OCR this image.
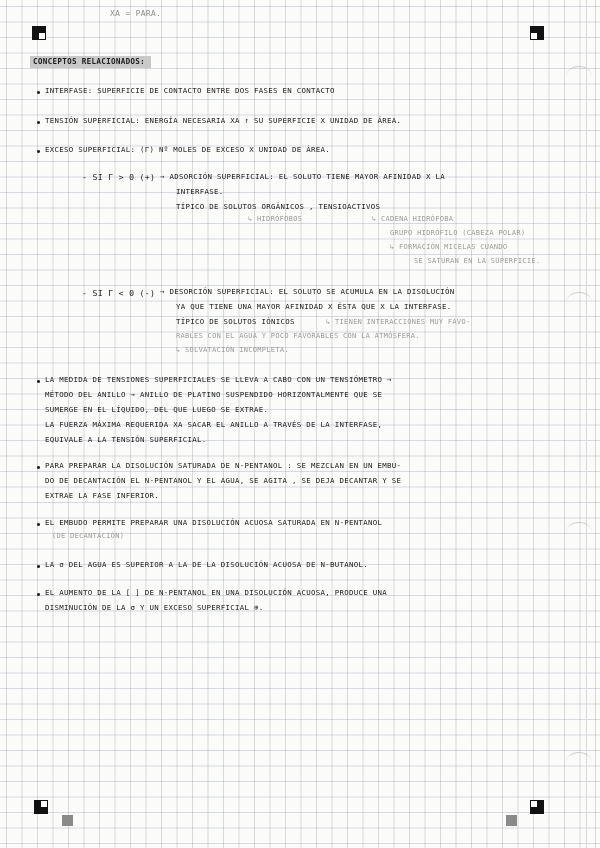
XA = PARA.
CONCEPTOS RELACIONADOS:
INTERFASE: SUPERFICIE DE CONTACTO ENTRE DOS FASES EN CONTACTO
TENSIÓN SUPERFICIAL: ENERGÍA NECESARIA XA ↑ SU SUPERFICIE X UNIDAD DE ÁREA.
EXCESO SUPERFICIAL: (Γ) Nº MOLES DE EXCESO X UNIDAD DE ÁREA.
- SI Γ > 0 (+) → ADSORCIÓN SUPERFICIAL: EL SOLUTO TIENE MAYOR AFINIDAD X LA
INTERFASE.
TÍPICO DE SOLUTOS ORGÁNICOS , TENSIOACTIVOS
↳ HIDRÓFOBOS	↳ CADENA HIDRÓFOBA
GRUPO HIDRÓFILO (CABEZA POLAR)
↳ FORMACIÓN MICELAS CUANDO
SE SATURAN EN LA SUPERFICIE.
- SI Γ < 0 (-) → DESORCIÓN SUPERFICIAL: EL SOLUTO SE ACUMULA EN LA DISOLUCIÓN
YA QUE TIENE UNA MAYOR AFINIDAD X ÉSTA QUE X LA INTERFASE.
TÍPICO DE SOLUTOS IÓNICOS	↳ TIENEN INTERACCIONES MUY FAVO-
RABLES CON EL AGUA Y POCO FAVORABLES CON LA ATMÓSFERA.
↳ SOLVATACIÓN INCOMPLETA.
LA MEDIDA DE TENSIONES SUPERFICIALES SE LLEVA A CABO CON UN TENSIÓMETRO →
MÉTODO DEL ANILLO → ANILLO DE PLATINO SUSPENDIDO HORIZONTALMENTE QUE SE
SUMERGE EN EL LÍQUIDO, DEL QUE LUEGO SE EXTRAE.
LA FUERZA MÁXIMA REQUERIDA XA SACAR EL ANILLO A TRAVÉS DE LA INTERFASE,
EQUIVALE A LA TENSIÓN SUPERFICIAL.
PARA PREPARAR LA DISOLUCIÓN SATURADA DE N-PENTANOL : SE MEZCLAN EN UN EMBU-
DO DE DECANTACIÓN EL N-PENTANOL Y EL AGUA, SE AGITA , SE DEJA DECANTAR Y SE
EXTRAE LA FASE INFERIOR.
EL EMBUDO PERMITE PREPARAR UNA DISOLUCIÓN ACUOSA SATURADA EN N-PENTANOL
(DE DECANTACIÓN)
LA σ DEL AGUA ES SUPERIOR A LA DE LA DISOLUCIÓN ACUOSA DE N-BUTANOL.
EL AUMENTO DE LA [ ] DE N-PENTANOL EN UNA DISOLUCIÓN ACUOSA, PRODUCE UNA
DISMINUCIÓN DE LA σ Y UN EXCESO SUPERFICIAL ⊕.
